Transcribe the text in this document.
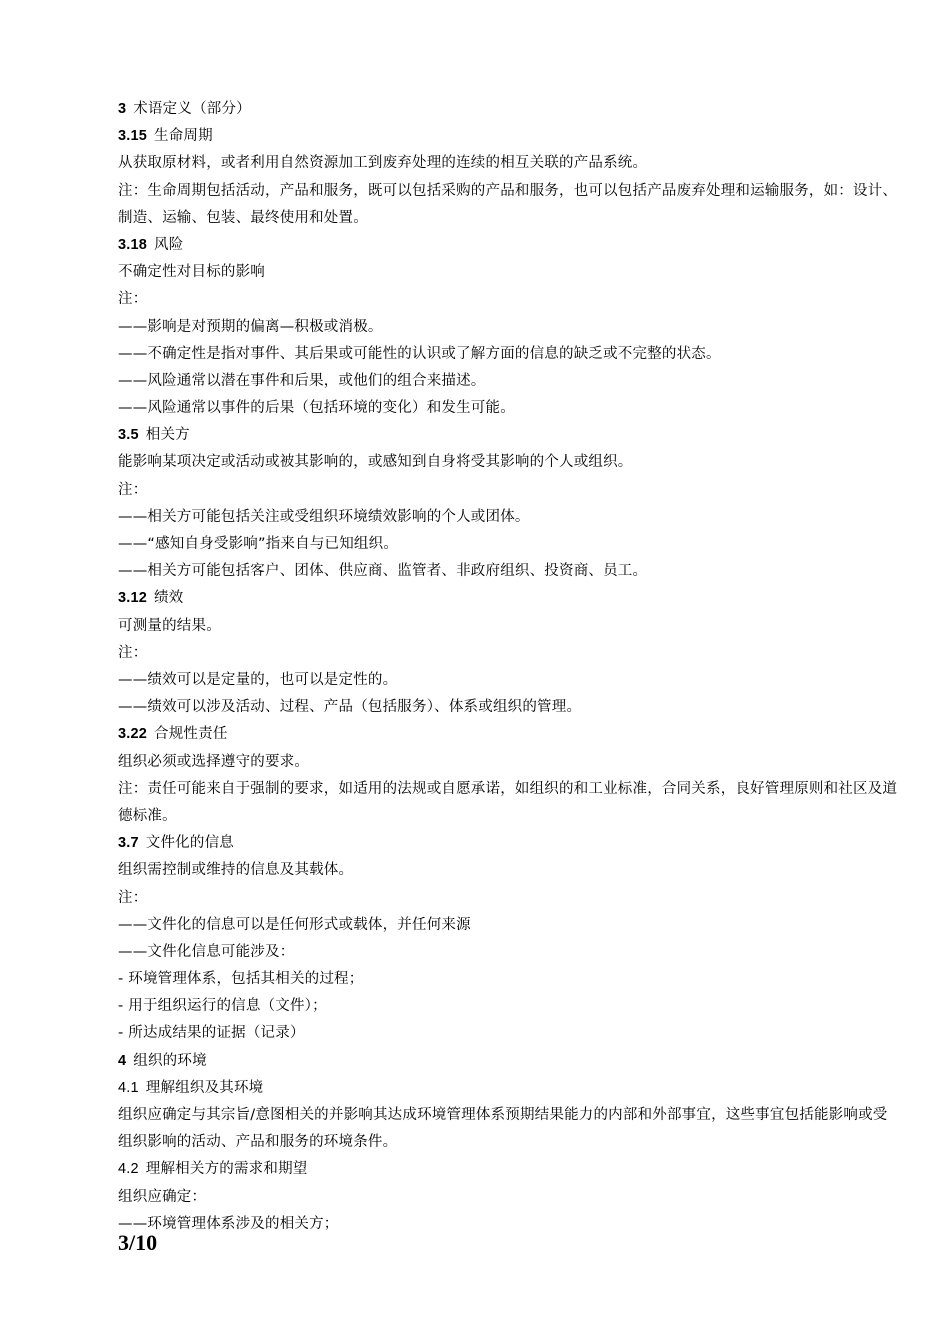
3 术语定义（部分）
3.15 生命周期
从获取原材料，或者利用自然资源加工到废弃处理的连续的相互关联的产品系统。
注：生命周期包括活动，产品和服务，既可以包括采购的产品和服务，也可以包括产品废弃处理和运输服务，如：设计、制造、运输、包装、最终使用和处置。
3.18 风险
不确定性对目标的影响
注：
——影响是对预期的偏离—积极或消极。
——不确定性是指对事件、其后果或可能性的认识或了解方面的信息的缺乏或不完整的状态。
——风险通常以潜在事件和后果，或他们的组合来描述。
——风险通常以事件的后果（包括环境的变化）和发生可能。
3.5 相关方
能影响某项决定或活动或被其影响的，或感知到自身将受其影响的个人或组织。
注：
——相关方可能包括关注或受组织环境绩效影响的个人或团体。
——“感知自身受影响”指来自与已知组织。
——相关方可能包括客户、团体、供应商、监管者、非政府组织、投资商、员工。
3.12 绩效
可测量的结果。
注：
——绩效可以是定量的，也可以是定性的。
——绩效可以涉及活动、过程、产品（包括服务）、体系或组织的管理。
3.22 合规性责任
组织必须或选择遵守的要求。
注：责任可能来自于强制的要求，如适用的法规或自愿承诺，如组织的和工业标准，合同关系，良好管理原则和社区及道德标准。
3.7 文件化的信息
组织需控制或维持的信息及其载体。
注：
——文件化的信息可以是任何形式或载体，并任何来源
——文件化信息可能涉及：
- 环境管理体系，包括其相关的过程；
- 用于组织运行的信息（文件）；
- 所达成结果的证据（记录）
4 组织的环境
4.1 理解组织及其环境
组织应确定与其宗旨/意图相关的并影响其达成环境管理体系预期结果能力的内部和外部事宜，这些事宜包括能影响或受组织影响的活动、产品和服务的环境条件。
4.2 理解相关方的需求和期望
组织应确定：
——环境管理体系涉及的相关方；
3/10
